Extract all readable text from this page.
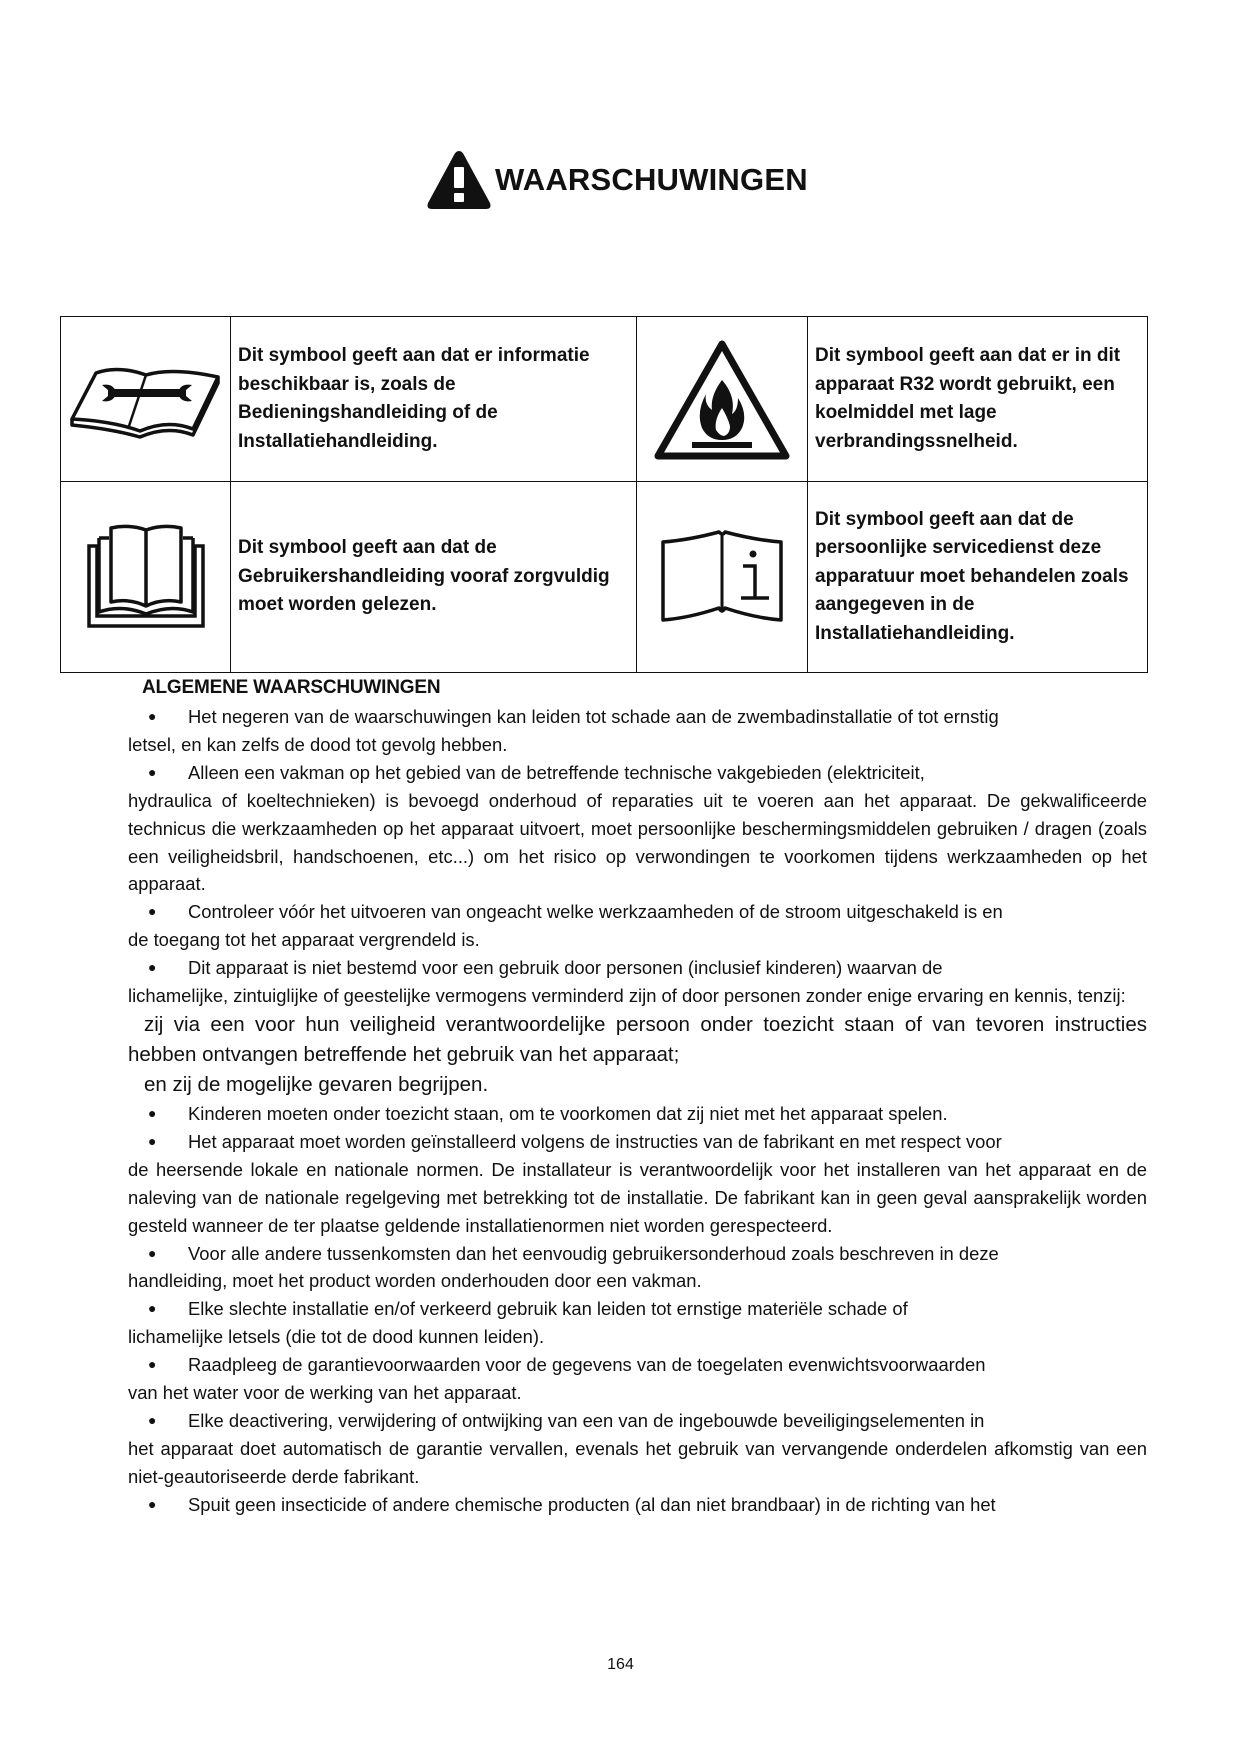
WAARSCHUWINGEN
	Dit symbool geeft aan dat er informatie beschikbaar is, zoals de Bedieningshandleiding of de Installatiehandleiding.		Dit symbool geeft aan dat er in dit apparaat R32 wordt gebruikt, een koelmiddel met lage verbrandingssnelheid.
	Dit symbool geeft aan dat de Gebruikershandleiding vooraf zorgvuldig moet worden gelezen.		Dit symbool geeft aan dat de persoonlijke servicedienst deze apparatuur moet behandelen zoals aangegeven in de Installatiehandleiding.
ALGEMENE WAARSCHUWINGEN
●	Het negeren van de waarschuwingen kan leiden tot schade aan de zwembadinstallatie of tot ernstig
letsel, en kan zelfs de dood tot gevolg hebben.
●	Alleen een vakman op het gebied van de betreffende technische vakgebieden (elektriciteit,
hydraulica of koeltechnieken) is bevoegd onderhoud of reparaties uit te voeren aan het apparaat. De gekwalificeerde technicus die werkzaamheden op het apparaat uitvoert, moet persoonlijke beschermingsmiddelen gebruiken / dragen (zoals een veiligheidsbril, handschoenen, etc...) om het risico op verwondingen te voorkomen tijdens werkzaamheden op het apparaat.
●	Controleer vóór het uitvoeren van ongeacht welke werkzaamheden of de stroom uitgeschakeld is en
de toegang tot het apparaat vergrendeld is.
●	Dit apparaat is niet bestemd voor een gebruik door personen (inclusief kinderen) waarvan de
lichamelijke, zintuiglijke of geestelijke vermogens verminderd zijn of door personen zonder enige ervaring en kennis, tenzij:
zij via een voor hun veiligheid verantwoordelijke persoon onder toezicht staan of van tevoren instructies hebben ontvangen betreffende het gebruik van het apparaat;
en zij de mogelijke gevaren begrijpen.
●	Kinderen moeten onder toezicht staan, om te voorkomen dat zij niet met het apparaat spelen.
●	Het apparaat moet worden geïnstalleerd volgens de instructies van de fabrikant en met respect voor
de heersende lokale en nationale normen. De installateur is verantwoordelijk voor het installeren van het apparaat en de naleving van de nationale regelgeving met betrekking tot de installatie. De fabrikant kan in geen geval aansprakelijk worden gesteld wanneer de ter plaatse geldende installatienormen niet worden gerespecteerd.
●	Voor alle andere tussenkomsten dan het eenvoudig gebruikersonderhoud zoals beschreven in deze
handleiding, moet het product worden onderhouden door een vakman.
●	Elke slechte installatie en/of verkeerd gebruik kan leiden tot ernstige materiële schade of
lichamelijke letsels (die tot de dood kunnen leiden).
●	Raadpleeg de garantievoorwaarden voor de gegevens van de toegelaten evenwichtsvoorwaarden
van het water voor de werking van het apparaat.
●	Elke deactivering, verwijdering of ontwijking van een van de ingebouwde beveiligingselementen in
het apparaat doet automatisch de garantie vervallen, evenals het gebruik van vervangende onderdelen afkomstig van een niet-geautoriseerde derde fabrikant.
●	Spuit geen insecticide of andere chemische producten (al dan niet brandbaar) in de richting van het
164
